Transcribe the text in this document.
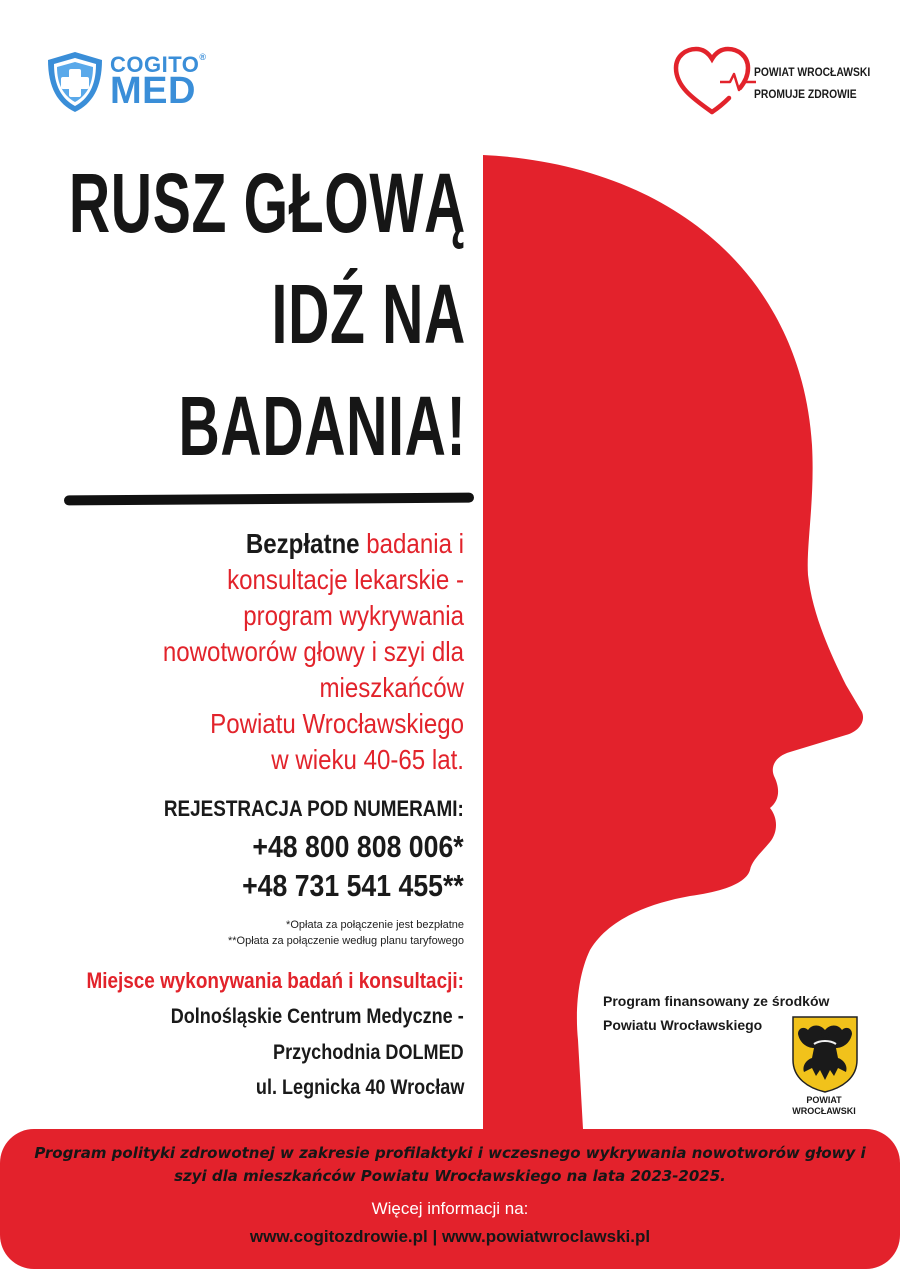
COGITO®
MED	POWIAT WROCŁAWSKI
PROMUJE ZDROWIE
RUSZ GŁOWĄ
IDŹ NA
BADANIA!
Bezpłatne badania i
konsultacje lekarskie -
program wykrywania
nowotworów głowy i szyi dla
mieszkańców
Powiatu Wrocławskiego
w wieku 40-65 lat.
REJESTRACJA POD NUMERAMI:
+48 800 808 006*
+48 731 541 455**
*Opłata za połączenie jest bezpłatne
**Opłata za połączenie według planu taryfowego
Miejsce wykonywania badań i konsultacji:
Dolnośląskie Centrum Medyczne -
Przychodnia DOLMED
ul. Legnicka 40 Wrocław
Program finansowany ze środków
Powiatu Wrocławskiego
POWIAT
WROCŁAWSKI
Program polityki zdrowotnej w zakresie profilaktyki i wczesnego wykrywania nowotworów głowy i szyi dla mieszkańców Powiatu Wrocławskiego na lata 2023-2025.
Więcej informacji na:
www.cogitozdrowie.pl | www.powiatwroclawski.pl
